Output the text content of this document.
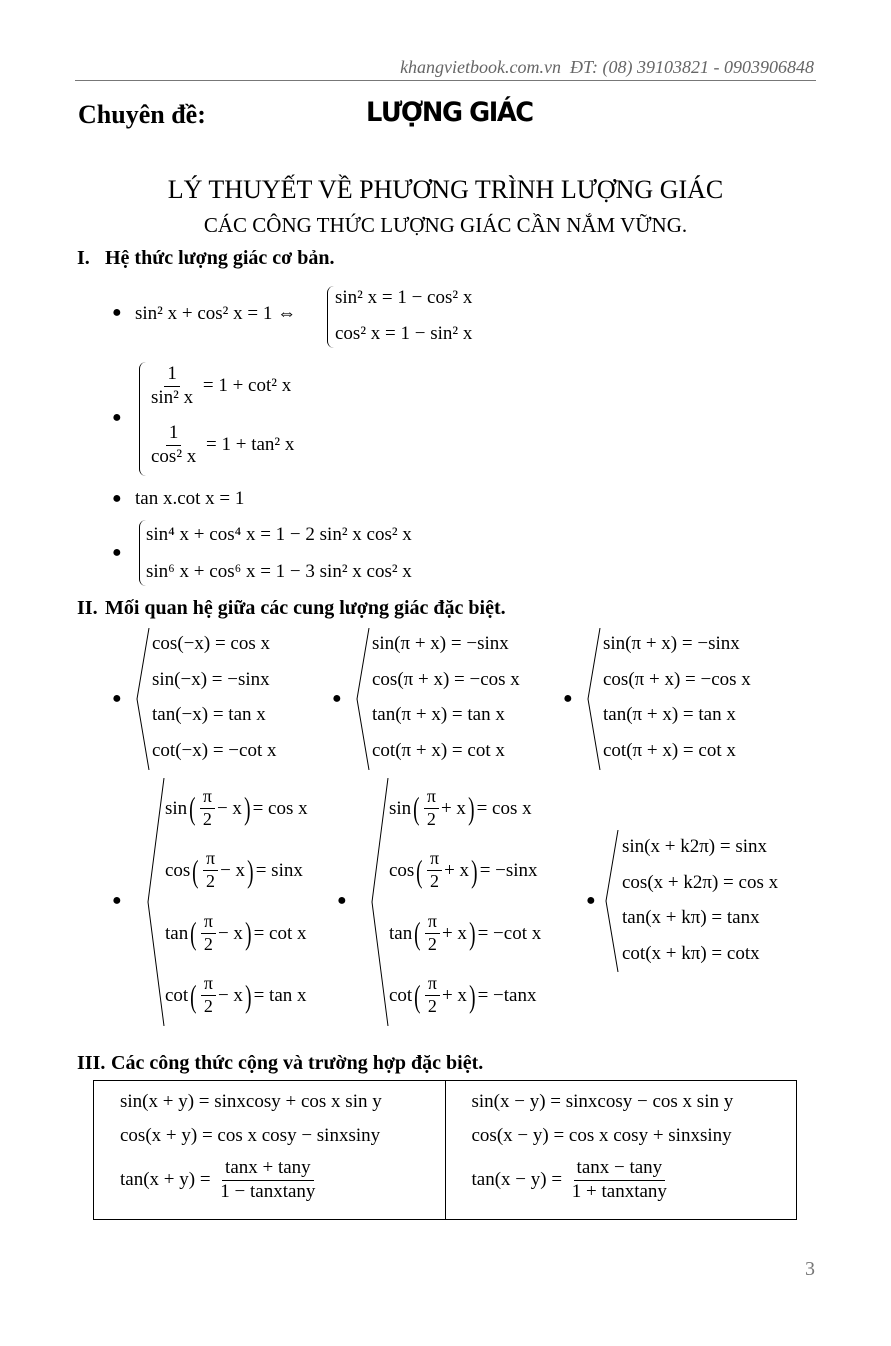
khangvietbook.com.vn ĐT: (08) 39103821 - 0903906848
Chuyên đề:	LƯỢNG GIÁC
LÝ THUYẾT VỀ PHƯƠNG TRÌNH LƯỢNG GIÁC
CÁC CÔNG THỨC LƯỢNG GIÁC CẦN NẮM VỮNG.
I. Hệ thức lượng giác cơ bản.
● sin² x + cos² x = 1 ⇔
sin² x = 1 − cos² x
cos² x = 1 − sin² x
●
$\frac{1}{\text{sin² x}} = 1 + \cot^2$ x
$\frac{1}{\text{cos² x}} = 1 + \tan^2$ x
● tan x.cot x = 1
●
sin⁴ x + cos⁴ x = 1 − 2 sin² x cos² x
sin⁶ x + cos⁶ x = 1 − 3 sin² x cos² x
II. Mối quan hệ giữa các cung lượng giác đặc biệt.
●
cos(−x) = cos x
sin(−x) = −sinx
tan(−x) = tan x
cot(−x) = −cot x
●
sin(π + x) = −sinx
cos(π + x) = −cos x
tan(π + x) = tan x
cot(π + x) = cot x
●
sin(π + x) = −sinx
cos(π + x) = −cos x
tan(π + x) = tan x
cot(π + x) = cot x
●
sin ( $\frac{\pi}{2} - x$ ) = cos x
cos ( $\frac{\pi}{2} - x$ ) = sinx
tan ( $\frac{\pi}{2} - x$ ) = cot x
cot ( $\frac{\pi}{2} - x$ ) = tan x
●
sin ( $\frac{\pi}{2} + x$ ) = cos x
cos ( $\frac{\pi}{2} + x$ ) = −sinx
tan ( $\frac{\pi}{2} + x$ ) = −cot x
cot ( $\frac{\pi}{2} + x$ ) = −tanx
●
sin(x + k2π) = sinx
cos(x + k2π) = cos x
tan(x + kπ) = tanx
cot(x + kπ) = cotx
III. Các công thức cộng và trường hợp đặc biệt.
sin(x + y) = sinxcosy + cos x sin y
cos(x + y) = cos x cosy − sinxsiny
$\tan(x + y) = \frac{\tan x + \tan y}{\text{1 − tanxtany}}$

sin(x − y) = sinxcosy − cos x sin y
cos(x − y) = cos x cosy + sinxsiny
$\tan(x - y) = \frac{\tan x - \tan y}{\text{1 + tanxtany}}$
3
